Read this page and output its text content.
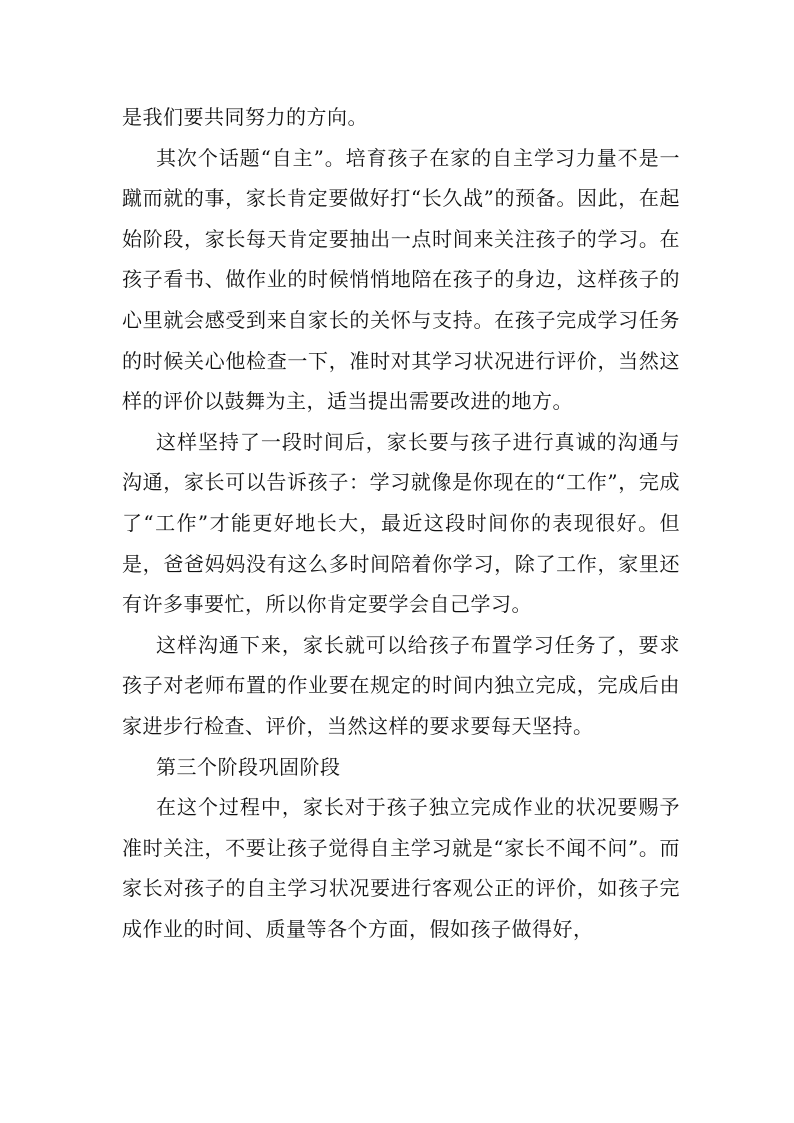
是我们要共同努力的方向。

其次个话题“自主”。培育孩子在家的自主学习力量不是一蹴而就的事，家长肯定要做好打“长久战”的预备。因此，在起始阶段，家长每天肯定要抽出一点时间来关注孩子的学习。在孩子看书、做作业的时候悄悄地陪在孩子的身边，这样孩子的心里就会感受到来自家长的关怀与支持。在孩子完成学习任务的时候关心他检查一下，准时对其学习状况进行评价，当然这样的评价以鼓舞为主，适当提出需要改进的地方。

这样坚持了一段时间后，家长要与孩子进行真诚的沟通与沟通，家长可以告诉孩子：学习就像是你现在的“工作”，完成了“工作”才能更好地长大，最近这段时间你的表现很好。但是，爸爸妈妈没有这么多时间陪着你学习，除了工作，家里还有许多事要忙，所以你肯定要学会自己学习。

这样沟通下来，家长就可以给孩子布置学习任务了，要求孩子对老师布置的作业要在规定的时间内独立完成，完成后由家进步行检查、评价，当然这样的要求要每天坚持。

第三个阶段巩固阶段

在这个过程中，家长对于孩子独立完成作业的状况要赐予准时关注，不要让孩子觉得自主学习就是“家长不闻不问”。而家长对孩子的自主学习状况要进行客观公正的评价，如孩子完成作业的时间、质量等各个方面，假如孩子做得好，
